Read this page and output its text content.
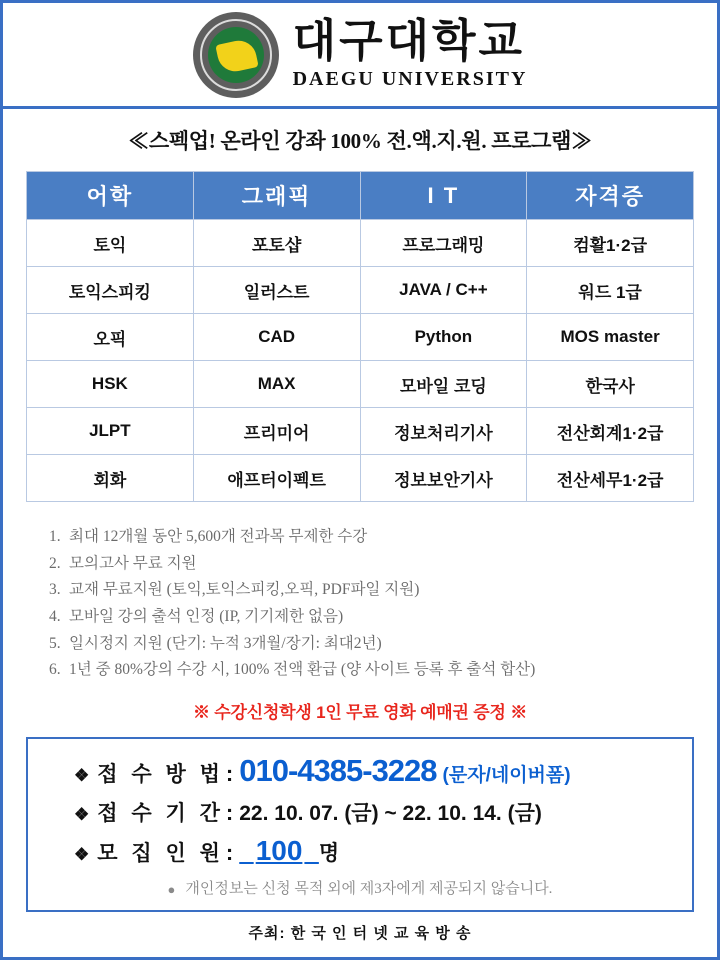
대구대학교
DAEGU UNIVERSITY
≪스펙업! 온라인 강좌 100% 전.액.지.원. 프로그램≫
어학	그래픽	I T	자격증
토익	포토샵	프로그래밍	컴활1·2급
토익스피킹	일러스트	JAVA / C++	워드 1급
오픽	CAD	Python	MOS master
HSK	MAX	모바일 코딩	한국사
JLPT	프리미어	정보처리기사	전산회계1·2급
회화	애프터이펙트	정보보안기사	전산세무1·2급
1. 최대 12개월 동안 5,600개 전과목 무제한 수강
2. 모의고사 무료 지원
3. 교재 무료지원 (토익,토익스피킹,오픽, PDF파일 지원)
4. 모바일 강의 출석 인정 (IP, 기기제한 없음)
5. 일시정지 지원 (단기: 누적 3개월/장기: 최대2년)
6. 1년 중 80%강의 수강 시, 100% 전액 환급 (양 사이트 등록 후 출석 합산)
※ 수강신청학생 1인 무료 영화 예매권 증정 ※
❖ 접 수 방 법 : 010-4385-3228 (문자/네이버폼)
❖ 접 수 기 간 : 22. 10. 07. (금) ~ 22. 10. 14. (금)
❖ 모 집 인 원 :
100
명
● 개인정보는 신청 목적 외에 제3자에게 제공되지 않습니다.
주최: 한 국 인 터 넷 교 육 방 송
